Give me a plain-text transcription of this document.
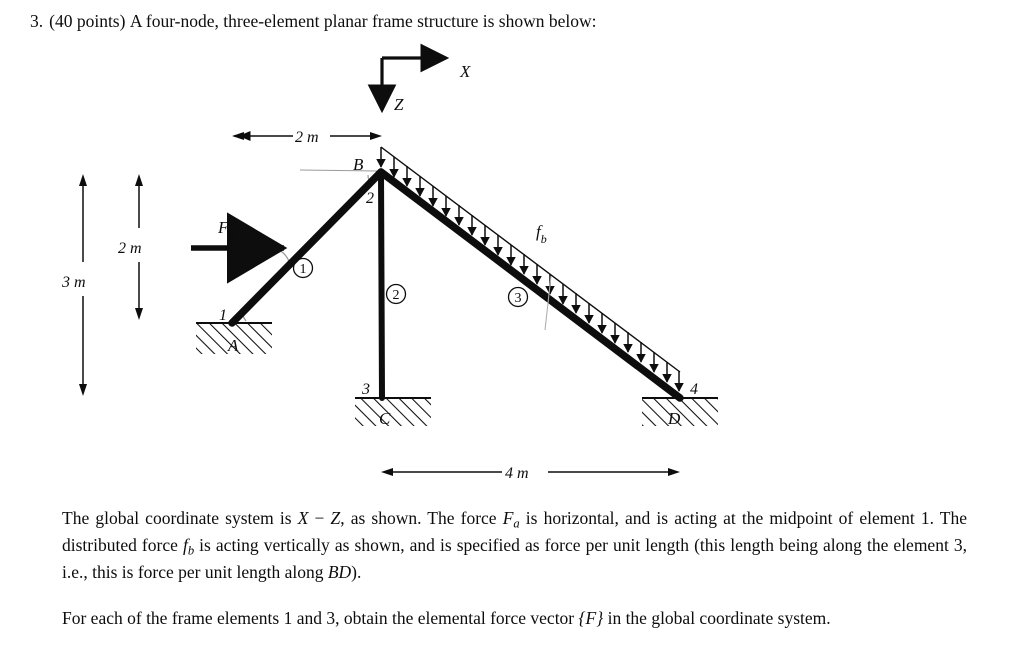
3. (40 points) A four-node, three-element planar frame structure is shown below:
X
Z
2 m
3 m
2 m
4 m
$f_b$
$F_a$
1
A
B
2
3
C
4
D
1
2	3
The global coordinate system is X − Z, as shown. The force $F_a$ is horizontal, and is acting at the midpoint of element 1. The distributed force $f_b$ is acting vertically as shown, and is specified as force per unit length (this length being along the element 3, i.e., this is force per unit length along BD).
For each of the frame elements 1 and 3, obtain the elemental force vector {F} in the global coordinate system.
